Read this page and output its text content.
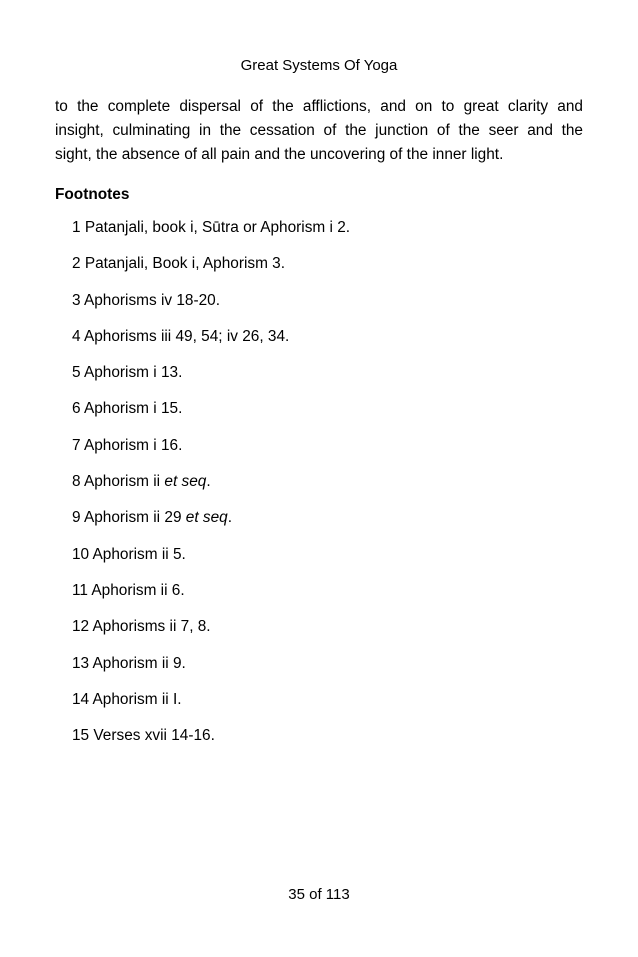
Great Systems Of Yoga
to the complete dispersal of the afflictions, and on to great clarity and
insight, culminating in the cessation of the junction of the seer and the
sight, the absence of all pain and the uncovering of the inner light.
Footnotes
1 Patanjali, book i, Sūtra or Aphorism i 2.
2 Patanjali, Book i, Aphorism 3.
3 Aphorisms iv 18-20.
4 Aphorisms iii 49, 54; iv 26, 34.
5 Aphorism i 13.
6 Aphorism i 15.
7 Aphorism i 16.
8 Aphorism ii et seq.
9 Aphorism ii 29 et seq.
10 Aphorism ii 5.
11 Aphorism ii 6.
12 Aphorisms ii 7, 8.
13 Aphorism ii 9.
14 Aphorism ii I.
15 Verses xvii 14-16.
35 of 113
